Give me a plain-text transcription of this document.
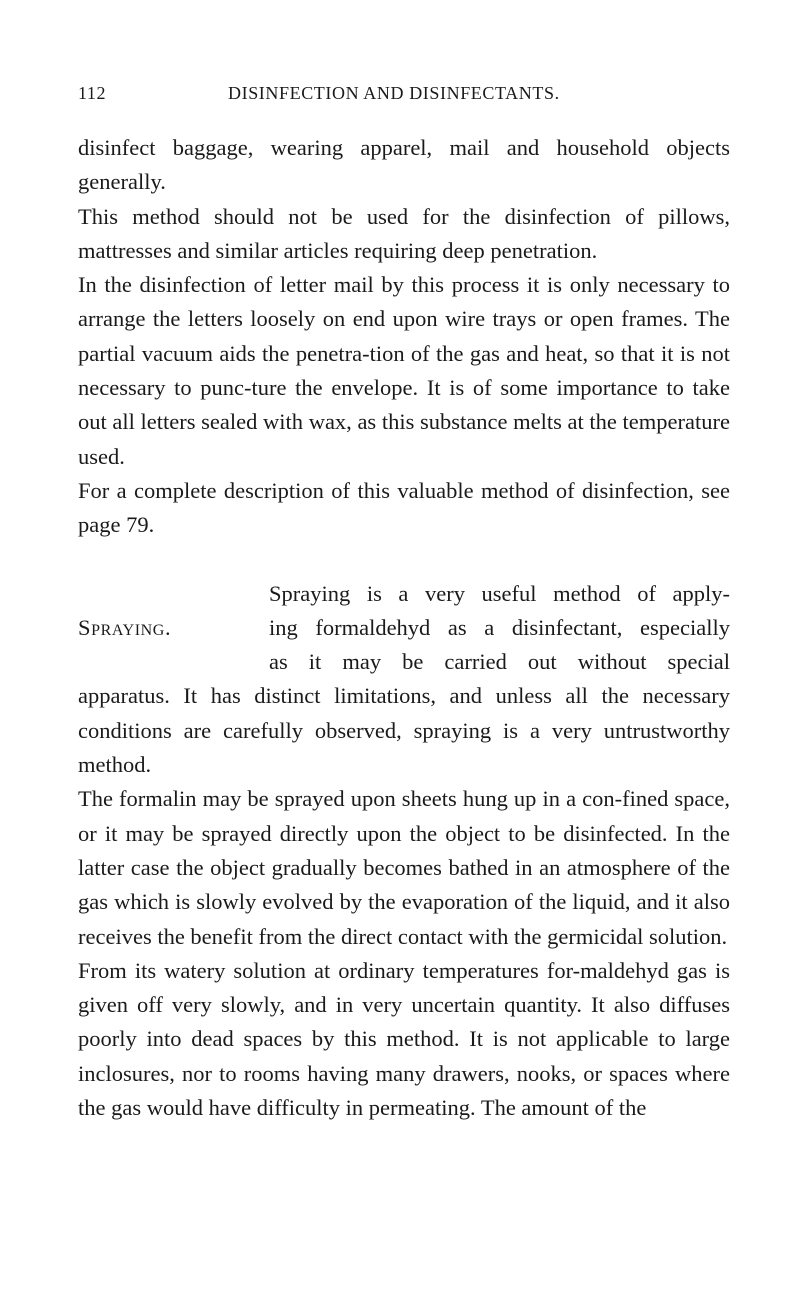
112	DISINFECTION AND DISINFECTANTS.

disinfect baggage, wearing apparel, mail and household objects generally.

This method should not be used for the disinfection of pillows, mattresses and similar articles requiring deep penetration.

In the disinfection of letter mail by this process it is only necessary to arrange the letters loosely on end upon wire trays or open frames. The partial vacuum aids the penetra-tion of the gas and heat, so that it is not necessary to punc-ture the envelope. It is of some importance to take out all letters sealed with wax, as this substance melts at the temperature used.

For a complete description of this valuable method of disinfection, see page 79.

Spraying.
Spraying is a very useful method of apply-
ing formaldehyd as a disinfectant, especially
as it may be carried out without special

apparatus. It has distinct limitations, and unless all the necessary conditions are carefully observed, spraying is a very untrustworthy method.

The formalin may be sprayed upon sheets hung up in a con-fined space, or it may be sprayed directly upon the object to be disinfected. In the latter case the object gradually becomes bathed in an atmosphere of the gas which is slowly evolved by the evaporation of the liquid, and it also receives the benefit from the direct contact with the germicidal solution.

From its watery solution at ordinary temperatures for-maldehyd gas is given off very slowly, and in very uncertain quantity. It also diffuses poorly into dead spaces by this method. It is not applicable to large inclosures, nor to rooms having many drawers, nooks, or spaces where the gas would have difficulty in permeating. The amount of the
